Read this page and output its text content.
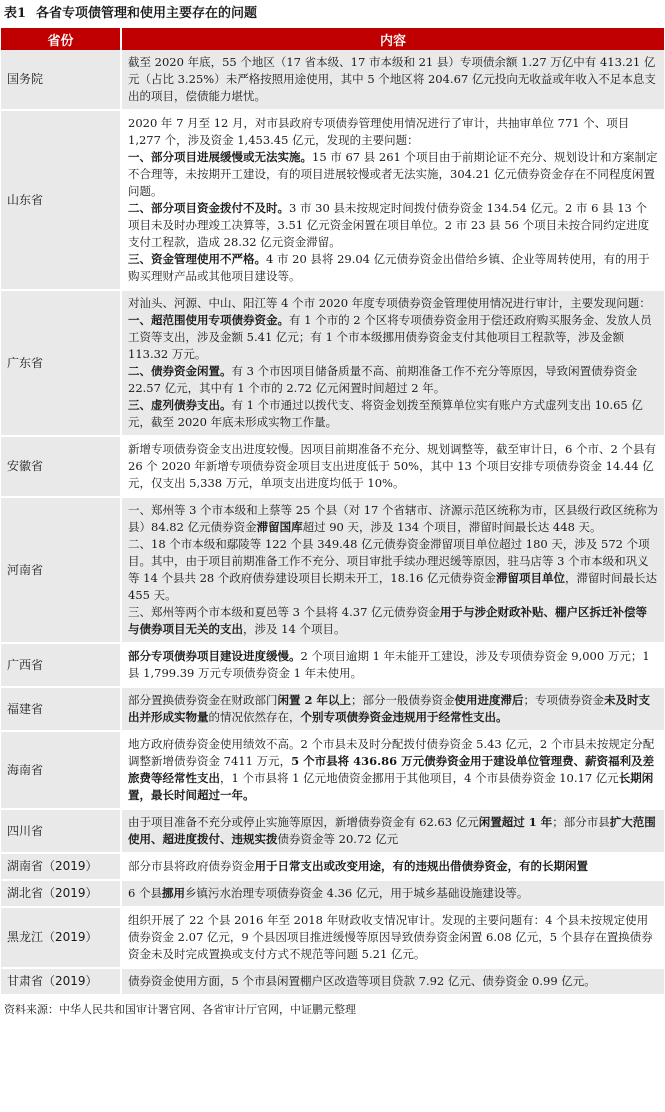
表1 各省专项债管理和使用主要存在的问题
省份	内容
国务院	截至 2020 年底，55 个地区（17 省本级、17 市本级和 21 县）专项债余额 1.27 万亿中有 413.21 亿元（占比 3.25%）未严格按照用途使用，其中 5 个地区将 204.67 亿元投向无收益或年收入不足本息支出的项目，偿债能力堪忧。

山东省	2020 年 7 月至 12 月，对市县政府专项债券管理使用情况进行了审计，共抽审单位 771 个、项目 1,277 个，涉及资金 1,453.45 亿元，发现的主要问题：
一、部分项目进展缓慢或无法实施。15 市 67 县 261 个项目由于前期论证不充分、规划设计和方案制定不合理等，未按期开工建设，有的项目进展较慢或者无法实施，304.21 亿元债券资金存在不同程度闲置问题。
二、部分项目资金拨付不及时。3 市 30 县未按规定时间拨付债券资金 134.54 亿元。2 市 6 县 13 个项目未及时办理竣工决算等，3.51 亿元资金闲置在项目单位。2 市 23 县 56 个项目未按合同约定进度支付工程款，造成 28.32 亿元资金滞留。
三、资金管理使用不严格。4 市 20 县将 29.04 亿元债券资金出借给乡镇、企业等周转使用，有的用于购买理财产品或其他项目建设等。

广东省	对汕头、河源、中山、阳江等 4 个市 2020 年度专项债券资金管理使用情况进行审计，主要发现问题：
一、超范围使用专项债券资金。有 1 个市的 2 个区将专项债券资金用于偿还政府购买服务金、发放人员工资等支出，涉及金额 5.41 亿元；有 1 个市本级挪用债券资金支付其他项目工程款等，涉及金额 113.32 万元。
二、债券资金闲置。有 3 个市因项目储备质量不高、前期准备工作不充分等原因，导致闲置债券资金 22.57 亿元，其中有 1 个市的 2.72 亿元闲置时间超过 2 年。
三、虚列债券支出。有 1 个市通过以拨代支、将资金划拨至预算单位实有账户方式虚列支出 10.65 亿元，截至 2020 年底未形成实物工作量。

安徽省	新增专项债券资金支出进度较慢。因项目前期准备不充分、规划调整等，截至审计日，6 个市、2 个县有 26 个 2020 年新增专项债券资金项目支出进度低于 50%，其中 13 个项目安排专项债券资金 14.44 亿元，仅支出 5,338 万元，单项支出进度均低于 10%。

河南省	一、郑州等 3 个市本级和上蔡等 25 个县（对 17 个省辖市、济源示范区统称为市，区县级行政区统称为县）84.82 亿元债券资金滞留国库超过 90 天，涉及 134 个项目，滞留时间最长达 448 天。
二、18 个市本级和鄢陵等 122 个县 349.48 亿元债券资金滞留项目单位超过 180 天，涉及 572 个项目。其中，由于项目前期准备工作不充分、项目审批手续办理迟缓等原因，驻马店等 3 个市本级和巩义等 14 个县共 28 个政府债券建设项目长期未开工，18.16 亿元债券资金滞留项目单位，滞留时间最长达 455 天。
三、郑州等两个市本级和夏邑等 3 个县将 4.37 亿元债券资金用于与涉企财政补贴、棚户区拆迁补偿等与债券项目无关的支出，涉及 14 个项目。

广西省	部分专项债券项目建设进度缓慢。2 个项目逾期 1 年未能开工建设，涉及专项债券资金 9,000 万元；1 县 1,799.39 万元专项债券资金 1 年未使用。

福建省	部分置换债券资金在财政部门闲置 2 年以上；部分一般债券资金使用进度滞后；专项债券资金未及时支出并形成实物量的情况依然存在，个别专项债券资金违规用于经常性支出。

海南省	地方政府债券资金使用绩效不高。2 个市县未及时分配拨付债券资金 5.43 亿元，2 个市县未按规定分配调整新增债券资金 7411 万元，5 个市县将 436.86 万元债券资金用于建设单位管理费、薪资福利及差旅费等经常性支出，1 个市县将 1 亿元地债资金挪用于其他项目，4 个市县债券资金 10.17 亿元长期闲置，最长时间超过一年。

四川省	由于项目准备不充分或停止实施等原因，新增债券资金有 62.63 亿元闲置超过 1 年；部分市县扩大范围使用、超进度拨付、违规实拨债券资金等 20.72 亿元

湖南省（2019）	部分市县将政府债券资金用于日常支出或改变用途，有的违规出借债券资金，有的长期闲置

湖北省（2019）	6 个县挪用乡镇污水治理专项债券资金 4.36 亿元，用于城乡基础设施建设等。

黑龙江（2019）	组织开展了 22 个县 2016 年至 2018 年财政收支情况审计。发现的主要问题有：4 个县未按规定使用债券资金 2.07 亿元，9 个县因项目推进缓慢等原因导致债券资金闲置 6.08 亿元，5 个县存在置换债券资金未及时完成置换或支付方式不规范等问题 5.21 亿元。

甘肃省（2019）	债券资金使用方面，5 个市县闲置棚户区改造等项目贷款 7.92 亿元、债券资金 0.99 亿元。
资料来源：中华人民共和国审计署官网、各省审计厅官网，中证鹏元整理
